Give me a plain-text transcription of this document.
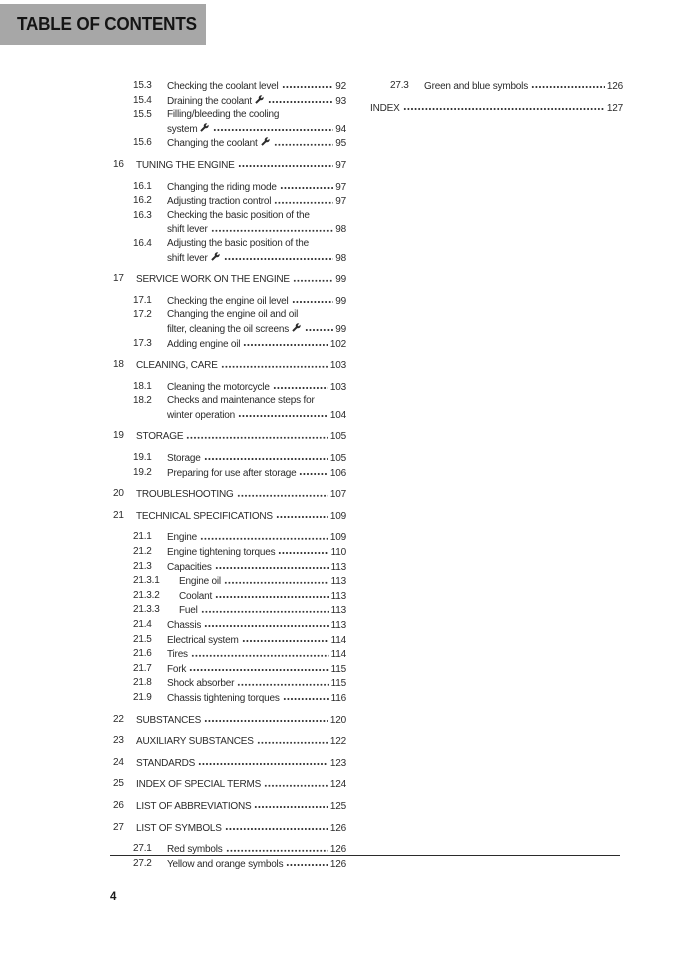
TABLE OF CONTENTS
15.3	Checking the coolant level	92
15.4	Draining the coolant	93
15.5	Filling/bleeding the cooling
system	94
15.6	Changing the coolant	95
16	TUNING THE ENGINE	97
16.1	Changing the riding mode	97
16.2	Adjusting traction control	97
16.3	Checking the basic position of the
shift lever	98
16.4	Adjusting the basic position of the
shift lever	98
17	SERVICE WORK ON THE ENGINE	99
17.1	Checking the engine oil level	99
17.2	Changing the engine oil and oil
filter, cleaning the oil screens	99
17.3	Adding engine oil	102
18	CLEANING, CARE	103
18.1	Cleaning the motorcycle	103
18.2	Checks and maintenance steps for
winter operation	104
19	STORAGE	105
19.1	Storage	105
19.2	Preparing for use after storage	106
20	TROUBLESHOOTING	107
21	TECHNICAL SPECIFICATIONS	109
21.1	Engine	109
21.2	Engine tightening torques	110
21.3	Capacities	113
21.3.1	Engine oil	113
21.3.2	Coolant	113
21.3.3	Fuel	113
21.4	Chassis	113
21.5	Electrical system	114
21.6	Tires	114
21.7	Fork	115
21.8	Shock absorber	115
21.9	Chassis tightening torques	116
22	SUBSTANCES	120
23	AUXILIARY SUBSTANCES	122
24	STANDARDS	123
25	INDEX OF SPECIAL TERMS	124
26	LIST OF ABBREVIATIONS	125
27	LIST OF SYMBOLS	126
27.1	Red symbols	126
27.2	Yellow and orange symbols	126
27.3	Green and blue symbols	126
INDEX	127
4
